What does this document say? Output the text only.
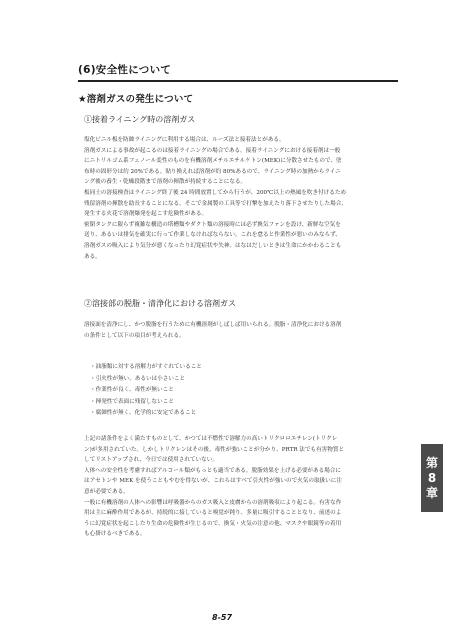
(6)安全性について
★溶剤ガスの発生について
①接着ライニング時の溶剤ガス
塩化ビニル板を防蝕ライニングに利用する場合は、ルーズ法と接着法とがある。
溶剤ガスによる事故が起こるのは接着ライニングの場合である。接着ライニングにおける接着剤は一般
にニトリルゴム系フェノール変性のものを有機溶剤メチルエチルケトン(MEK)に分散させたもので、塗
布時の固形分は約 20%である。貼り換えれば溶剤が約 80%あるので、ライニング時の加熱からライニ
ング後の養生・乾燥段階まで溶剤の揮散が持続することになる。
板同士の溶接検査はライニング終了後 24 時間放置してから行うが、200℃以上の熱風を吹き付けるため
残留溶剤の揮散を助長することになる。そこで金属製の工具等で打撃を加えたり落下させたりした場合、
発生する火花で溶剤爆発を起こす危険性がある。
密閉タンクに限らず複雑な構造の塔槽類やダクト類の溶接時には必ず換気ファンを設け、新鮮な空気を
送り、あるいは排気を確実に行って作業しなければならない。これを怠ると作業性が悪いのみならず、
溶剤ガスの吸入により気分が悪くなったり幻覚症状や失神、はなはだしいときは生命にかかわることも
ある。
②溶接部の脱脂・清浄化における溶剤ガス
溶接面を清浄にし、かつ脱脂を行うために有機溶剤がしばしば用いられる。脱脂・清浄化における溶剤
の条件として以下の項目が考えられる。
・油脂類に対する溶解力がすぐれていること
・引火性が無い、あるいは小さいこと
・作業性が良く、毒性が無いこと
・揮発性で表面に残留しないこと
・腐蝕性が無く、化学的に安定であること
上記の諸条件をよく満たすものとして、かつては不燃性で溶解力の高いトリクロロエチレン(トリクレ
ン)が多用されていた。しかしトリクレンはその後、毒性が強いことが分かり、PRTR 法でも有害物質と
してリストアップされ、今日では使用されていない。
人体への安全性を考慮すればアルコール類がもっとも適当である。脱脂効果を上げる必要がある場合に
はアセトンや MEK を使うこともやむを得ないが、これらはすべて引火性が強いので火気の取扱いに注
意が必要である。
一般に有機溶剤の人体への影響は呼吸器からのガス吸入と皮膚からの溶剤吸収により起こる。有害な作
用は主に麻酔作用であるが、持続的に接していると嗅覚が鈍り、多量に吸引することとなり、前述のよ
うに幻覚症状を起こしたり生命の危険性が生じるので、換気・火気の注意の他、マスクや眼鏡等の着用
も心掛けるべきである。
第
8
章
8-57
